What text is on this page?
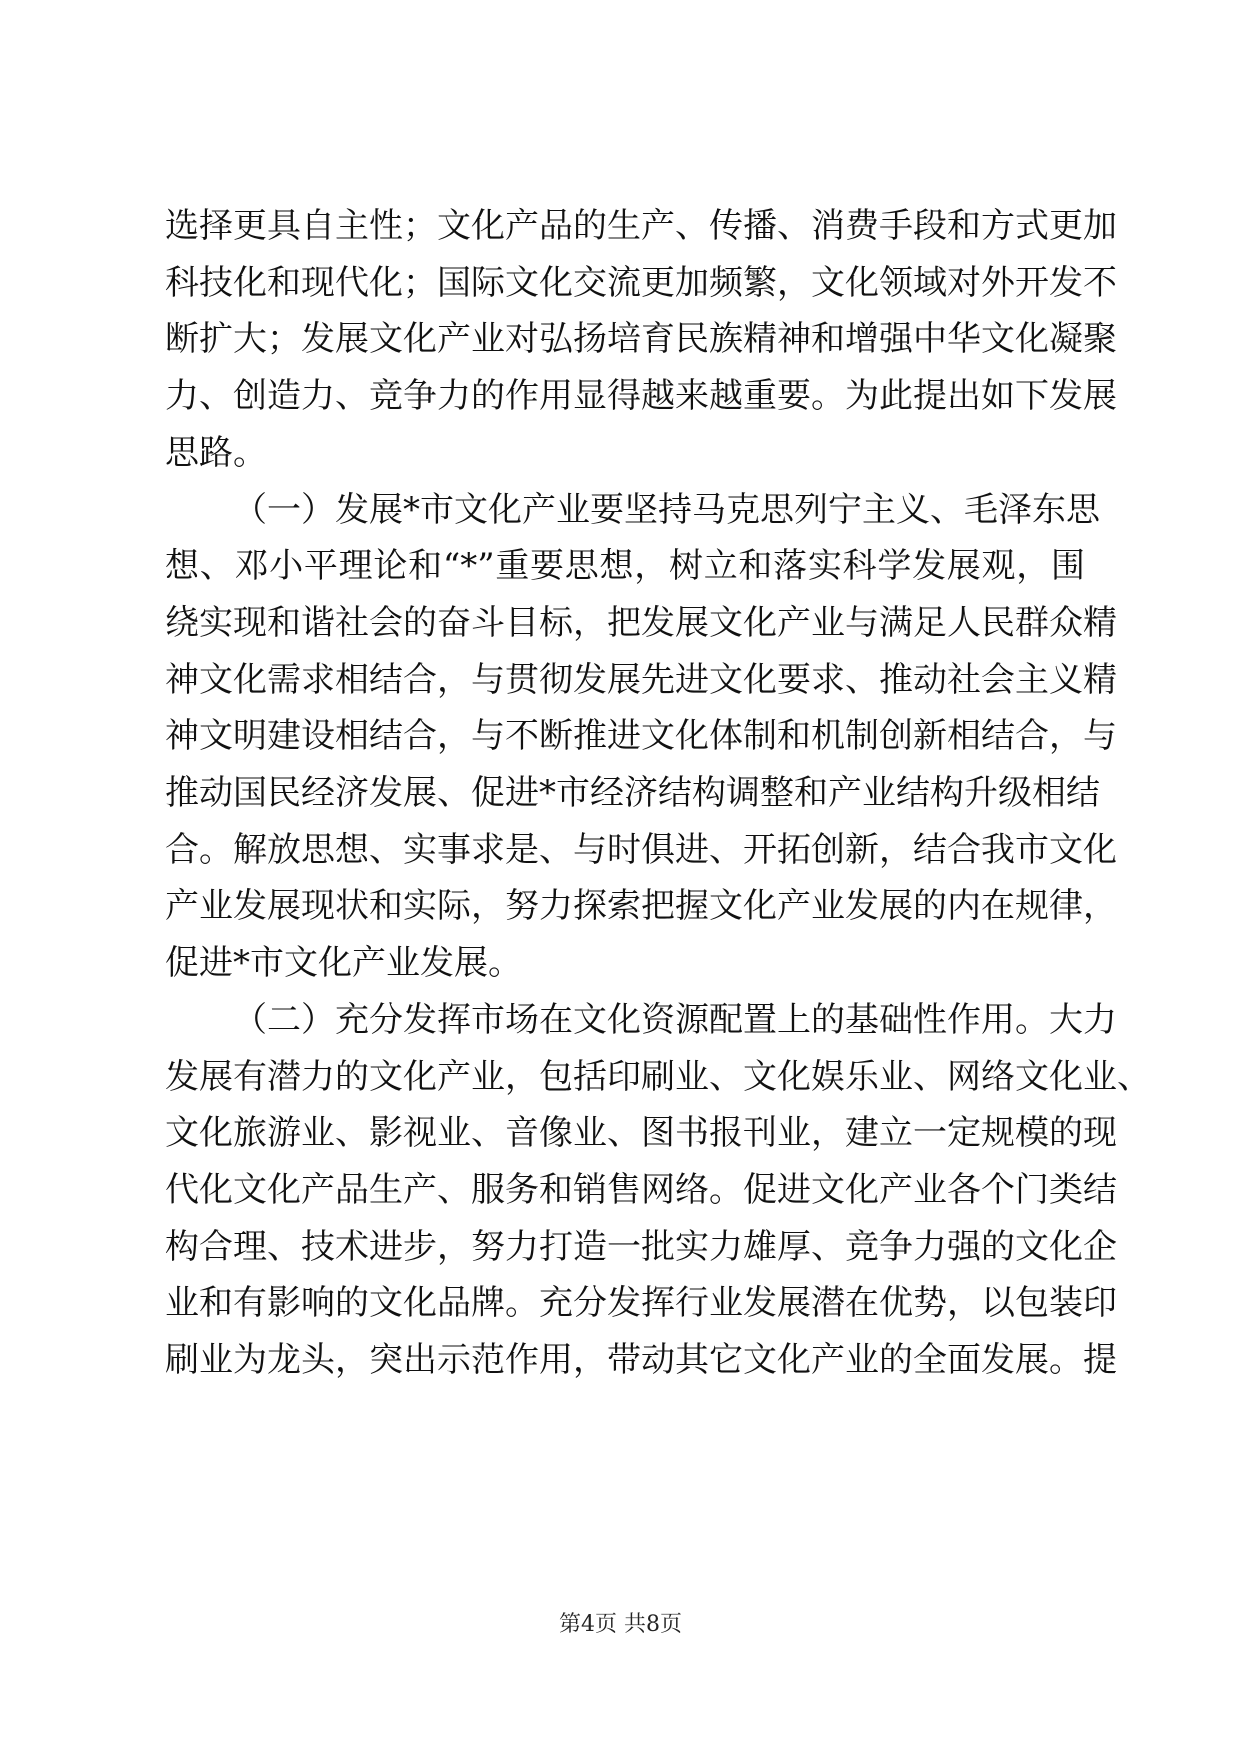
选择更具自主性；文化产品的生产、传播、消费手段和方式更加
科技化和现代化；国际文化交流更加频繁，文化领域对外开发不
断扩大；发展文化产业对弘扬培育民族精神和增强中华文化凝聚
力、创造力、竞争力的作用显得越来越重要。为此提出如下发展
思路。
（一）发展*市文化产业要坚持马克思列宁主义、毛泽东思
想、邓小平理论和“*”重要思想，树立和落实科学发展观，围
绕实现和谐社会的奋斗目标，把发展文化产业与满足人民群众精
神文化需求相结合，与贯彻发展先进文化要求、推动社会主义精
神文明建设相结合，与不断推进文化体制和机制创新相结合，与
推动国民经济发展、促进*市经济结构调整和产业结构升级相结
合。解放思想、实事求是、与时俱进、开拓创新，结合我市文化
产业发展现状和实际，努力探索把握文化产业发展的内在规律，
促进*市文化产业发展。
（二）充分发挥市场在文化资源配置上的基础性作用。大力
发展有潜力的文化产业，包括印刷业、文化娱乐业、网络文化业、
文化旅游业、影视业、音像业、图书报刊业，建立一定规模的现
代化文化产品生产、服务和销售网络。促进文化产业各个门类结
构合理、技术进步，努力打造一批实力雄厚、竞争力强的文化企
业和有影响的文化品牌。充分发挥行业发展潜在优势，以包装印
刷业为龙头，突出示范作用，带动其它文化产业的全面发展。提
第4页 共8页
